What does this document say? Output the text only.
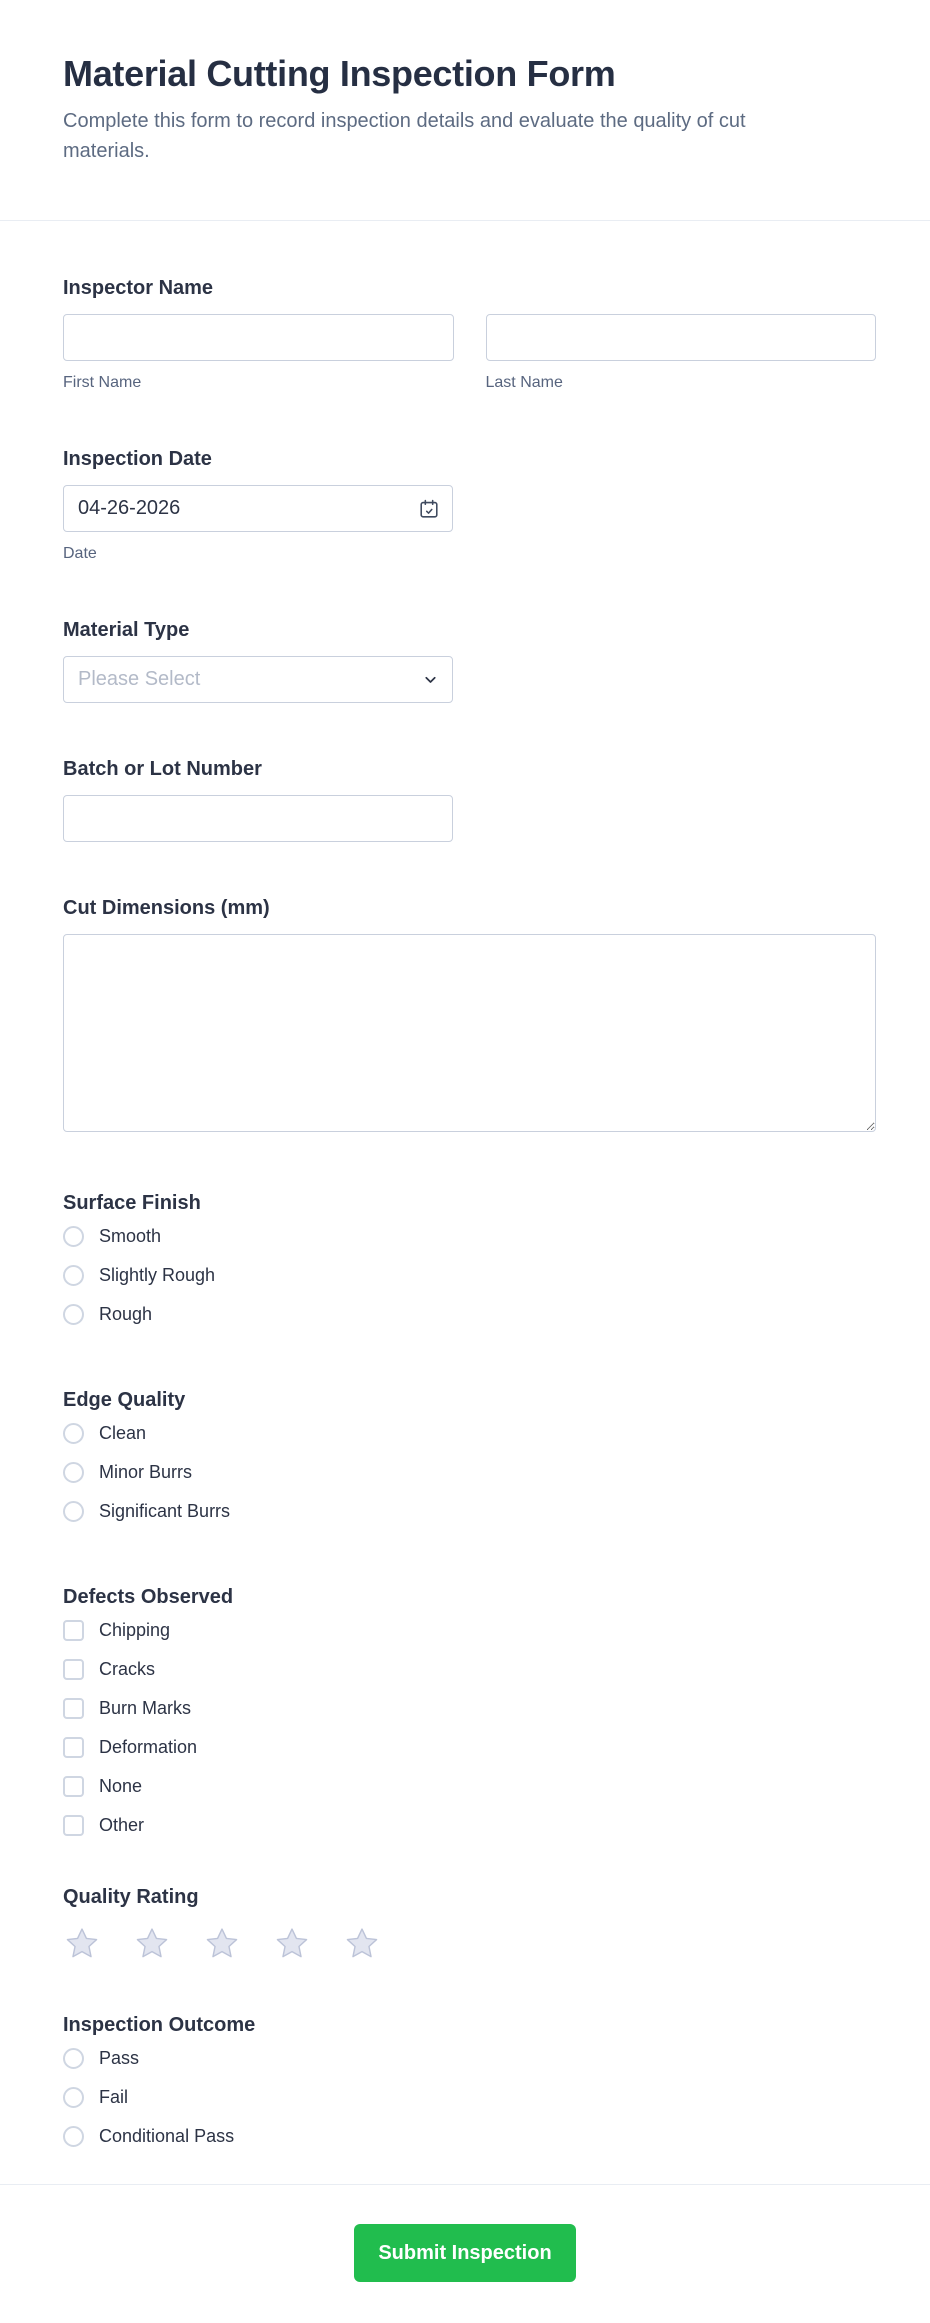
Material Cutting Inspection Form

Complete this form to record inspection details and evaluate the quality of cut materials.

Inspector Name
First Name	Last Name
Inspection Date
04-26-2026
Date
Material Type
Please Select
Batch or Lot Number
Cut Dimensions (mm)
Surface Finish
Smooth
Slightly Rough
Rough
Edge Quality
Clean
Minor Burrs
Significant Burrs
Defects Observed
Chipping
Cracks
Burn Marks
Deformation
None
Other
Quality Rating
Inspection Outcome
Pass
Fail
Conditional Pass
Submit Inspection
